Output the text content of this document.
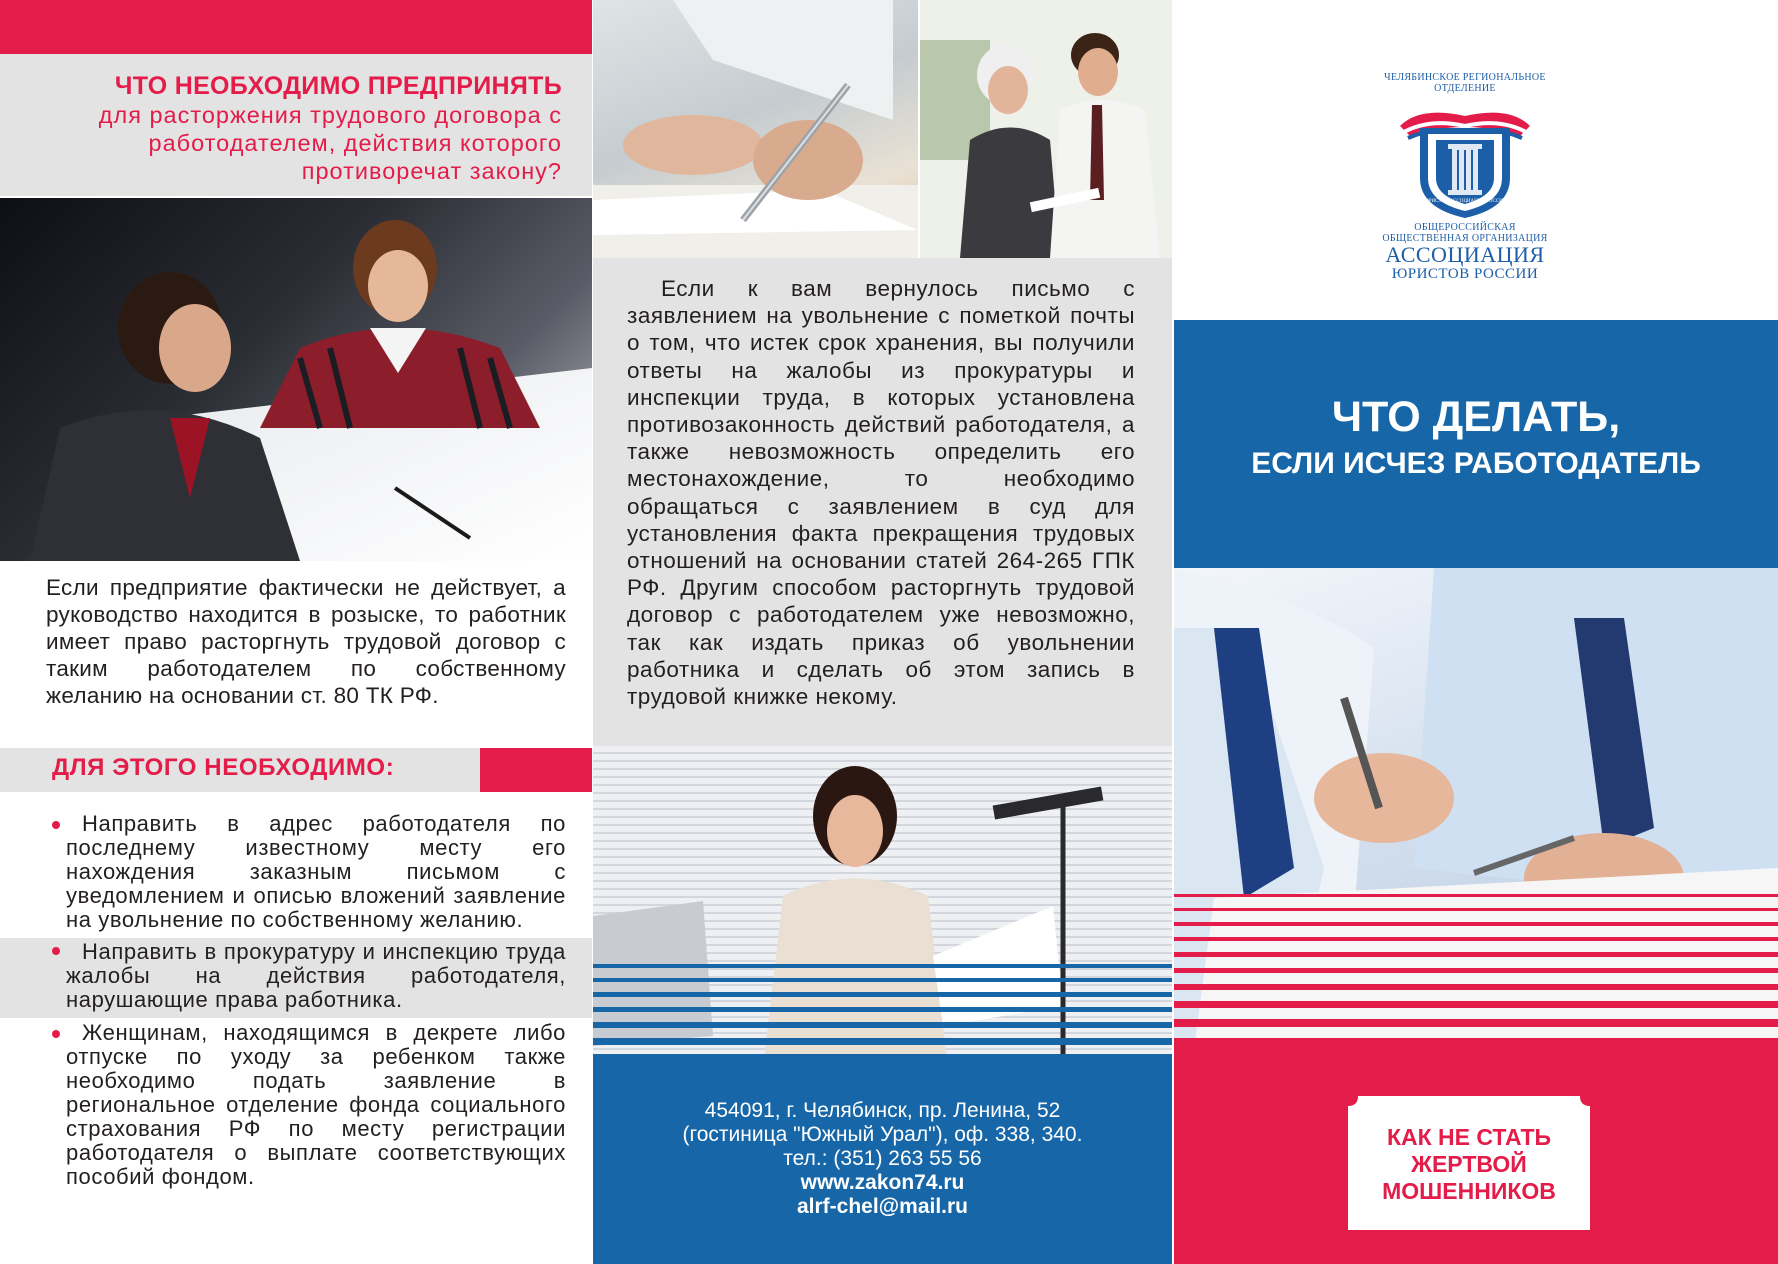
ЧТО НЕОБХОДИМО ПРЕДПРИНЯТЬ
для расторжения трудового договора с
работодателем, действия которого
противоречат закону?
Если предприятие фактически не действует, а руководство находится в розыске, то работник имеет право расторгнуть трудовой договор с таким работодателем по собственному желанию на основании ст. 80 ТК РФ.
ДЛЯ ЭТОГО НЕОБХОДИМО:
Направить в адрес работодателя по последнему известному месту его нахождения заказным письмом с уведомлением и описью вложений заявление на увольнение по собственному желанию.
Направить в прокуратуру и инспекцию труда жалобы на действия работодателя, нарушающие права работника.
Женщинам, находящимся в декрете либо отпуске по уходу за ребенком также необходимо подать заявление в региональное отделение фонда социального страхования РФ по месту регистрации работодателя о выплате соответствующих пособий фондом.
Если к вам вернулось письмо с заявлением на увольнение с пометкой почты о том, что истек срок хранения, вы получили ответы на жалобы из прокуратуры и инспекции труда, в которых установлена противозаконность действий работодателя, а также невозможность определить его местонахождение, то необходимо обращаться с заявлением в суд для установления факта прекращения трудовых отношений на основании статей 264-265 ГПК РФ. Другим способом расторгнуть трудовой договор с работодателем уже невозможно, так как издать приказ об увольнении работника и сделать об этом запись в трудовой книжке некому.
454091, г. Челябинск, пр. Ленина, 52
(гостиница "Южный Урал"), оф. 338, 340.
тел.: (351) 263 55 56
www.zakon74.ru
alrf-chel@mail.ru
ЧЕЛЯБИНСКОЕ РЕГИОНАЛЬНОЕ
ОТДЕЛЕНИЕ
ЮРИСТОВ АССОЦИАЦИЯ РОССИИ
ОБЩЕРОССИЙСКАЯ
ОБЩЕСТВЕННАЯ ОРГАНИЗАЦИЯ
АССОЦИАЦИЯ
ЮРИСТОВ РОССИИ
ЧТО ДЕЛАТЬ,
ЕСЛИ ИСЧЕЗ РАБОТОДАТЕЛЬ
КАК НЕ СТАТЬ
ЖЕРТВОЙ
МОШЕННИКОВ
